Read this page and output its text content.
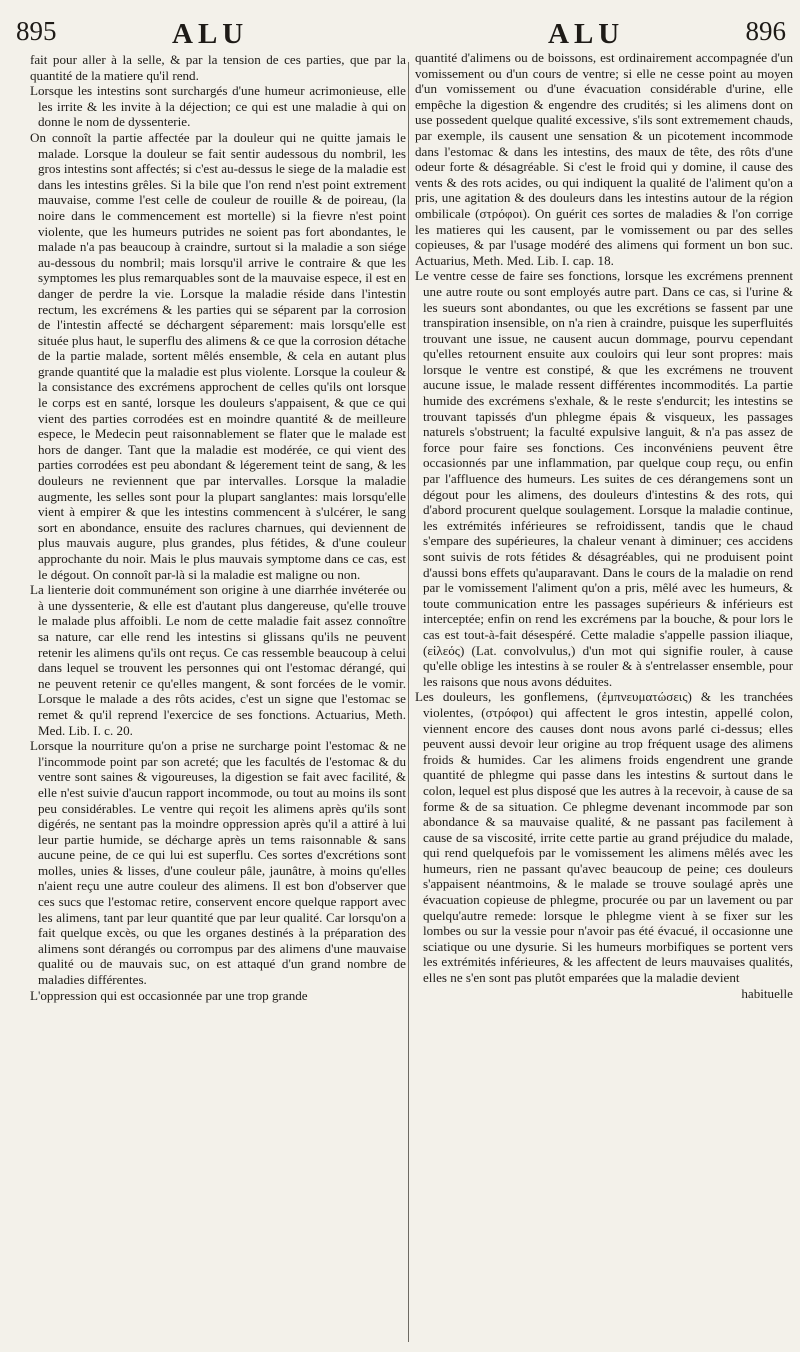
895	ALU	ALU	896

fait pour aller à la selle, & par la tension de ces parties, que par la quantité de la matiere qu'il rend.

Lorsque les intestins sont surchargés d'une humeur acrimonieuse, elle les irrite & les invite à la déjection; ce qui est une maladie à qui on donne le nom de dyssenterie.

On connoît la partie affectée par la douleur qui ne quitte jamais le malade. Lorsque la douleur se fait sentir audessous du nombril, les gros intestins sont affectés; si c'est au-dessus le siege de la maladie est dans les intestins grêles. Si la bile que l'on rend n'est point extrement mauvaise, comme l'est celle de couleur de rouille & de poireau, (la noire dans le commencement est mortelle) si la fievre n'est point violente, que les humeurs putrides ne soient pas fort abondantes, le malade n'a pas beaucoup à craindre, surtout si la maladie a son siége au-dessous du nombril; mais lorsqu'il arrive le contraire & que les symptomes les plus remarquables sont de la mauvaise espece, il est en danger de perdre la vie. Lorsque la maladie réside dans l'intestin rectum, les excrémens & les parties qui se séparent par la corrosion de l'intestin affecté se déchargent séparement: mais lorsqu'elle est située plus haut, le superflu des alimens & ce que la corrosion détache de la partie malade, sortent mêlés ensemble, & cela en autant plus grande quantité que la maladie est plus violente. Lorsque la couleur & la consistance des excrémens approchent de celles qu'ils ont lorsque le corps est en santé, lorsque les douleurs s'appaisent, & que ce qui vient des parties corrodées est en moindre quantité & de meilleure espece, le Medecin peut raisonnablement se flater que le malade est hors de danger. Tant que la maladie est modérée, ce qui vient des parties corrodées est peu abondant & légerement teint de sang, & les douleurs ne reviennent que par intervalles. Lorsque la maladie augmente, les selles sont pour la plupart sanglantes: mais lorsqu'elle vient à empirer & que les intestins commencent à s'ulcérer, le sang sort en abondance, ensuite des raclures charnues, qui deviennent de plus mauvais augure, plus grandes, plus fétides, & d'une couleur approchante du noir. Mais le plus mauvais symptome dans ce cas, est le dégout. On connoît par-là si la maladie est maligne ou non.

La lienterie doit communément son origine à une diarrhée invéterée ou à une dyssenterie, & elle est d'autant plus dangereuse, qu'elle trouve le malade plus affoibli. Le nom de cette maladie fait assez connoître sa nature, car elle rend les intestins si glissans qu'ils ne peuvent retenir les alimens qu'ils ont reçus. Ce cas ressemble beaucoup à celui dans lequel se trouvent les personnes qui ont l'estomac dérangé, qui ne peuvent retenir ce qu'elles mangent, & sont forcées de le vomir. Lorsque le malade a des rôts acides, c'est un signe que l'estomac se remet & qu'il reprend l'exercice de ses fonctions. Actuarius, Meth. Med. Lib. I. c. 20.

Lorsque la nourriture qu'on a prise ne surcharge point l'estomac & ne l'incommode point par son acreté; que les facultés de l'estomac & du ventre sont saines & vigoureuses, la digestion se fait avec facilité, & elle n'est suivie d'aucun rapport incommode, ou tout au moins ils sont peu considérables. Le ventre qui reçoit les alimens après qu'ils sont digérés, ne sentant pas la moindre oppression après qu'il a attiré à lui leur partie humide, se décharge après un tems raisonnable & sans aucune peine, de ce qui lui est superflu. Ces sortes d'excrétions sont molles, unies & lisses, d'une couleur pâle, jaunâtre, à moins qu'elles n'aient reçu une autre couleur des alimens. Il est bon d'observer que ces sucs que l'estomac retire, conservent encore quelque rapport avec les alimens, tant par leur quantité que par leur qualité. Car lorsqu'on a fait quelque excès, ou que les organes destinés à la préparation des alimens sont dérangés ou corrompus par des alimens d'une mauvaise qualité ou de mauvais suc, on est attaqué d'un grand nombre de maladies différentes.

L'oppression qui est occasionnée par une trop grande

quantité d'alimens ou de boissons, est ordinairement accompagnée d'un vomissement ou d'un cours de ventre; si elle ne cesse point au moyen d'un vomissement ou d'une évacuation considérable d'urine, elle empêche la digestion & engendre des crudités; si les alimens dont on use possedent quelque qualité excessive, s'ils sont extremement chauds, par exemple, ils causent une sensation & un picotement incommode dans l'estomac & dans les intestins, des maux de tête, des rôts d'une odeur forte & désagréable. Si c'est le froid qui y domine, il cause des vents & des rots acides, ou qui indiquent la qualité de l'aliment qu'on a pris, une agitation & des douleurs dans les intestins autour de la région ombilicale (στρόφοι). On guérit ces sortes de maladies & l'on corrige les matieres qui les causent, par le vomissement ou par des selles copieuses, & par l'usage modéré des alimens qui forment un bon suc. Actuarius, Meth. Med. Lib. I. cap. 18.

Le ventre cesse de faire ses fonctions, lorsque les excrémens prennent une autre route ou sont employés autre part. Dans ce cas, si l'urine & les sueurs sont abondantes, ou que les excrétions se fassent par une transpiration insensible, on n'a rien à craindre, puisque les superfluités trouvant une issue, ne causent aucun dommage, pourvu cependant qu'elles retournent ensuite aux couloirs qui leur sont propres: mais lorsque le ventre est constipé, & que les excrémens ne trouvent aucune issue, le malade ressent différentes incommodités. La partie humide des excrémens s'exhale, & le reste s'endurcit; les intestins se trouvant tapissés d'un phlegme épais & visqueux, les passages naturels s'obstruent; la faculté expulsive languit, & n'a pas assez de force pour faire ses fonctions. Ces inconvéniens peuvent être occasionnés par une inflammation, par quelque coup reçu, ou enfin par l'affluence des humeurs. Les suites de ces dérangemens sont un dégout pour les alimens, des douleurs d'intestins & des rots, qui d'abord procurent quelque soulagement. Lorsque la maladie continue, les extrémités inférieures se refroidissent, tandis que le chaud s'empare des supérieures, la chaleur venant à diminuer; ces accidens sont suivis de rots fétides & désagréables, qui ne produisent point d'aussi bons effets qu'auparavant. Dans le cours de la maladie on rend par le vomissement l'aliment qu'on a pris, mêlé avec les humeurs, & toute communication entre les passages supérieurs & inférieurs est interceptée; enfin on rend les excrémens par la bouche, & pour lors le cas est tout-à-fait désespéré. Cette maladie s'appelle passion iliaque, (εἰλεός) (Lat. convolvulus,) d'un mot qui signifie rouler, à cause qu'elle oblige les intestins à se rouler & à s'entrelasser ensemble, pour les raisons que nous avons déduites.

Les douleurs, les gonflemens, (ἐμπνευματώσεις) & les tranchées violentes, (στρόφοι) qui affectent le gros intestin, appellé colon, viennent encore des causes dont nous avons parlé ci-dessus; elles peuvent aussi devoir leur origine au trop fréquent usage des alimens froids & humides. Car les alimens froids engendrent une grande quantité de phlegme qui passe dans les intestins & surtout dans le colon, lequel est plus disposé que les autres à la recevoir, à cause de sa forme & de sa situation. Ce phlegme devenant incommode par son abondance & sa mauvaise qualité, & ne passant pas facilement à cause de sa viscosité, irrite cette partie au grand préjudice du malade, qui rend quelquefois par le vomissement les alimens mêlés avec les humeurs, rien ne passant qu'avec beaucoup de peine; ces douleurs s'appaisent néantmoins, & le malade se trouve soulagé après une évacuation copieuse de phlegme, procurée ou par un lavement ou par quelqu'autre remede: lorsque le phlegme vient à se fixer sur les lombes ou sur la vessie pour n'avoir pas été évacué, il occasionne une sciatique ou une dysurie. Si les humeurs morbifiques se portent vers les extrémités inférieures, & les affectent de leurs mauvaises qualités, elles ne s'en sont pas plutôt emparées que la maladie devient

habituelle
